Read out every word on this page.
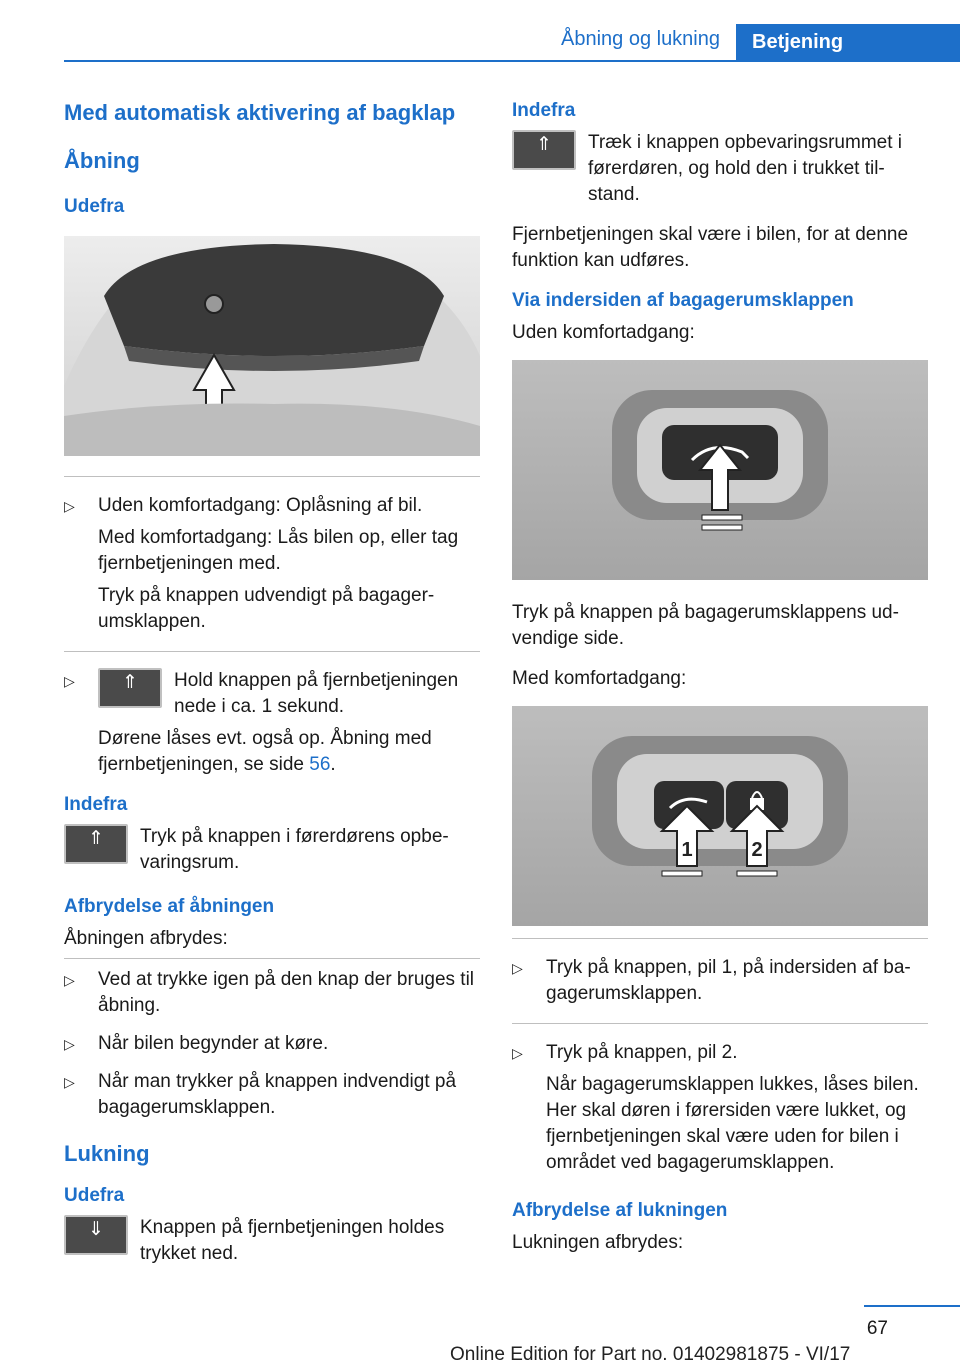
Åbning og lukning	Betjening
Med automatisk aktivering af bagklap
Åbning
Udefra
▷ Uden komfortadgang: Oplåsning af bil.
Med komfortadgang: Lås bilen op, eller tag fjernbetjeningen med.
Tryk på knappen udvendigt på bagagerumsklappen.
▷ ⇑	Hold knappen på fjernbetjeningen nede i ca. 1 sekund.
Dørene låses evt. også op. Åbning med fjernbetjeningen, se side 56.
Indefra
⇑	Tryk på knappen i førerdørens opbevaringsrum.
Afbrydelse af åbningen

Åbningen afbrydes:

▷ Ved at trykke igen på den knap der bruges til åbning.
▷ Når bilen begynder at køre.
▷ Når man trykker på knappen indvendigt på bagagerumsklappen.
Lukning
Udefra
⇓	Knappen på fjernbetjeningen holdes trykket ned.
Indefra
⇑	Træk i knappen opbevaringsrummet i førerdøren, og hold den i trukket tilstand.

Fjernbetjeningen skal være i bilen, for at denne funktion kan udføres.

Via indersiden af bagagerumsklappen

Uden komfortadgang:

Tryk på knappen på bagagerumsklappens udvendige side.

Med komfortadgang:

1	2
▷ Tryk på knappen, pil 1, på indersiden af bagagerumsklappen.
▷ Tryk på knappen, pil 2.
Når bagagerumsklappen lukkes, låses bilen. Her skal døren i førersiden være lukket, og fjernbetjeningen skal være uden for bilen i området ved bagagerumsklappen.
Afbrydelse af lukningen

Lukningen afbrydes:

67
Online Edition for Part no. 01402981875 - VI/17
